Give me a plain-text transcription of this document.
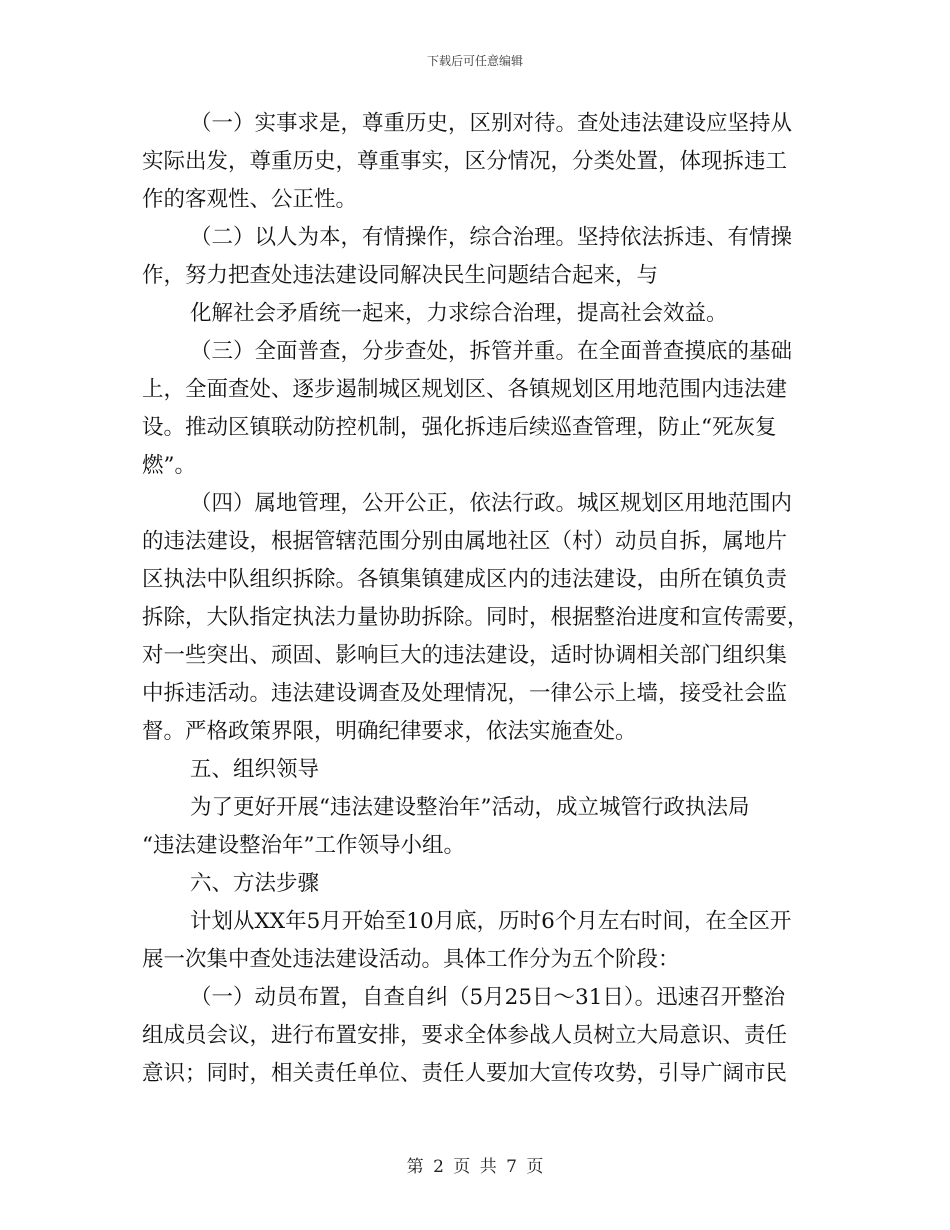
下载后可任意编辑
（一）实事求是，尊重历史，区别对待。查处违法建设应坚持从
实际出发，尊重历史，尊重事实，区分情况，分类处置，体现拆违工
作的客观性、公正性。
（二）以人为本，有情操作，综合治理。坚持依法拆违、有情操
作，努力把查处违法建设同解决民生问题结合起来，与
化解社会矛盾统一起来，力求综合治理，提高社会效益。
（三）全面普查，分步查处，拆管并重。在全面普查摸底的基础
上，全面查处、逐步遏制城区规划区、各镇规划区用地范围内违法建
设。推动区镇联动防控机制，强化拆违后续巡查管理，防止“死灰复
燃”。
（四）属地管理，公开公正，依法行政。城区规划区用地范围内
的违法建设，根据管辖范围分别由属地社区（村）动员自拆，属地片
区执法中队组织拆除。各镇集镇建成区内的违法建设，由所在镇负责
拆除，大队指定执法力量协助拆除。同时，根据整治进度和宣传需要，
对一些突出、顽固、影响巨大的违法建设，适时协调相关部门组织集
中拆违活动。违法建设调查及处理情况，一律公示上墙，接受社会监
督。严格政策界限，明确纪律要求，依法实施查处。
五、组织领导
为了更好开展“违法建设整治年”活动，成立城管行政执法局
“违法建设整治年”工作领导小组。
六、方法步骤
计划从XX年5月开始至10月底，历时6个月左右时间，在全区开
展一次集中查处违法建设活动。具体工作分为五个阶段：
（一）动员布置，自查自纠（5月25日～31日）。迅速召开整治
组成员会议，进行布置安排，要求全体参战人员树立大局意识、责任
意识；同时，相关责任单位、责任人要加大宣传攻势，引导广阔市民
第 2 页 共 7 页
